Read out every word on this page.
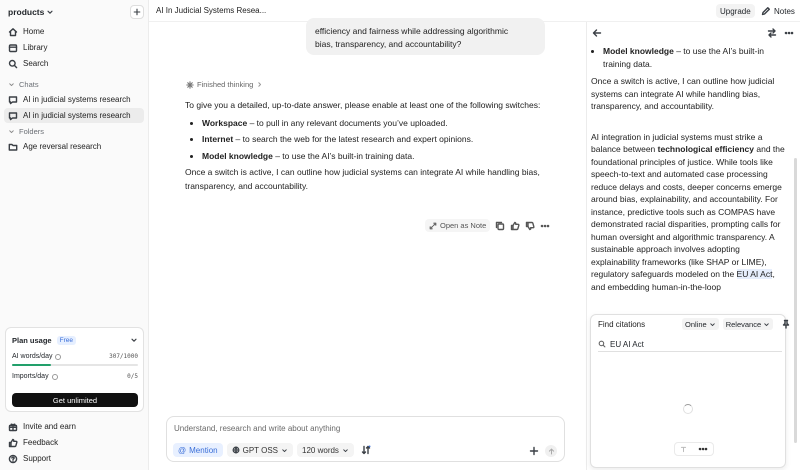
products
Home
Library
Search
Chats
AI in judicial systems research
AI in judicial systems research
Folders
Age reversal research
Plan usage	Free
AI words/day	307/1000
Imports/day	0/5
Get unlimited
Invite and earn
Feedback
Support
AI In Judicial Systems Resea...	Upgrade	Notes
efficiency and fairness while addressing algorithmic
bias, transparency, and accountability?
Finished thinking

To give you a detailed, up-to-date answer, please enable at least one of the following switches:

• Workspace – to pull in any relevant documents you’ve uploaded.
• Internet – to search the web for the latest research and expert opinions.
• Model knowledge – to use the AI’s built-in training data.

Once a switch is active, I can outline how judicial systems can integrate AI while handling bias, transparency, and accountability.

Open as Note
Understand, research and write about anything
@ Mention	GPT OSS	120 words
• Model knowledge – to use the AI’s built-in training data.

Once a switch is active, I can outline how judicial systems can integrate AI while handling bias, transparency, and accountability.

AI integration in judicial systems must strike a balance between technological efficiency and the foundational principles of justice. While tools like speech-to-text and automated case processing reduce delays and costs, deeper concerns emerge around bias, explainability, and accountability. For instance, predictive tools such as COMPAS have demonstrated racial disparities, prompting calls for human oversight and algorithmic transparency. A sustainable approach involves adopting explainability frameworks (like SHAP or LIME), regulatory safeguards modeled on the EU AI Act, and embedding human-in-the-loop

Find citations	Online	Relevance
EU AI Act
